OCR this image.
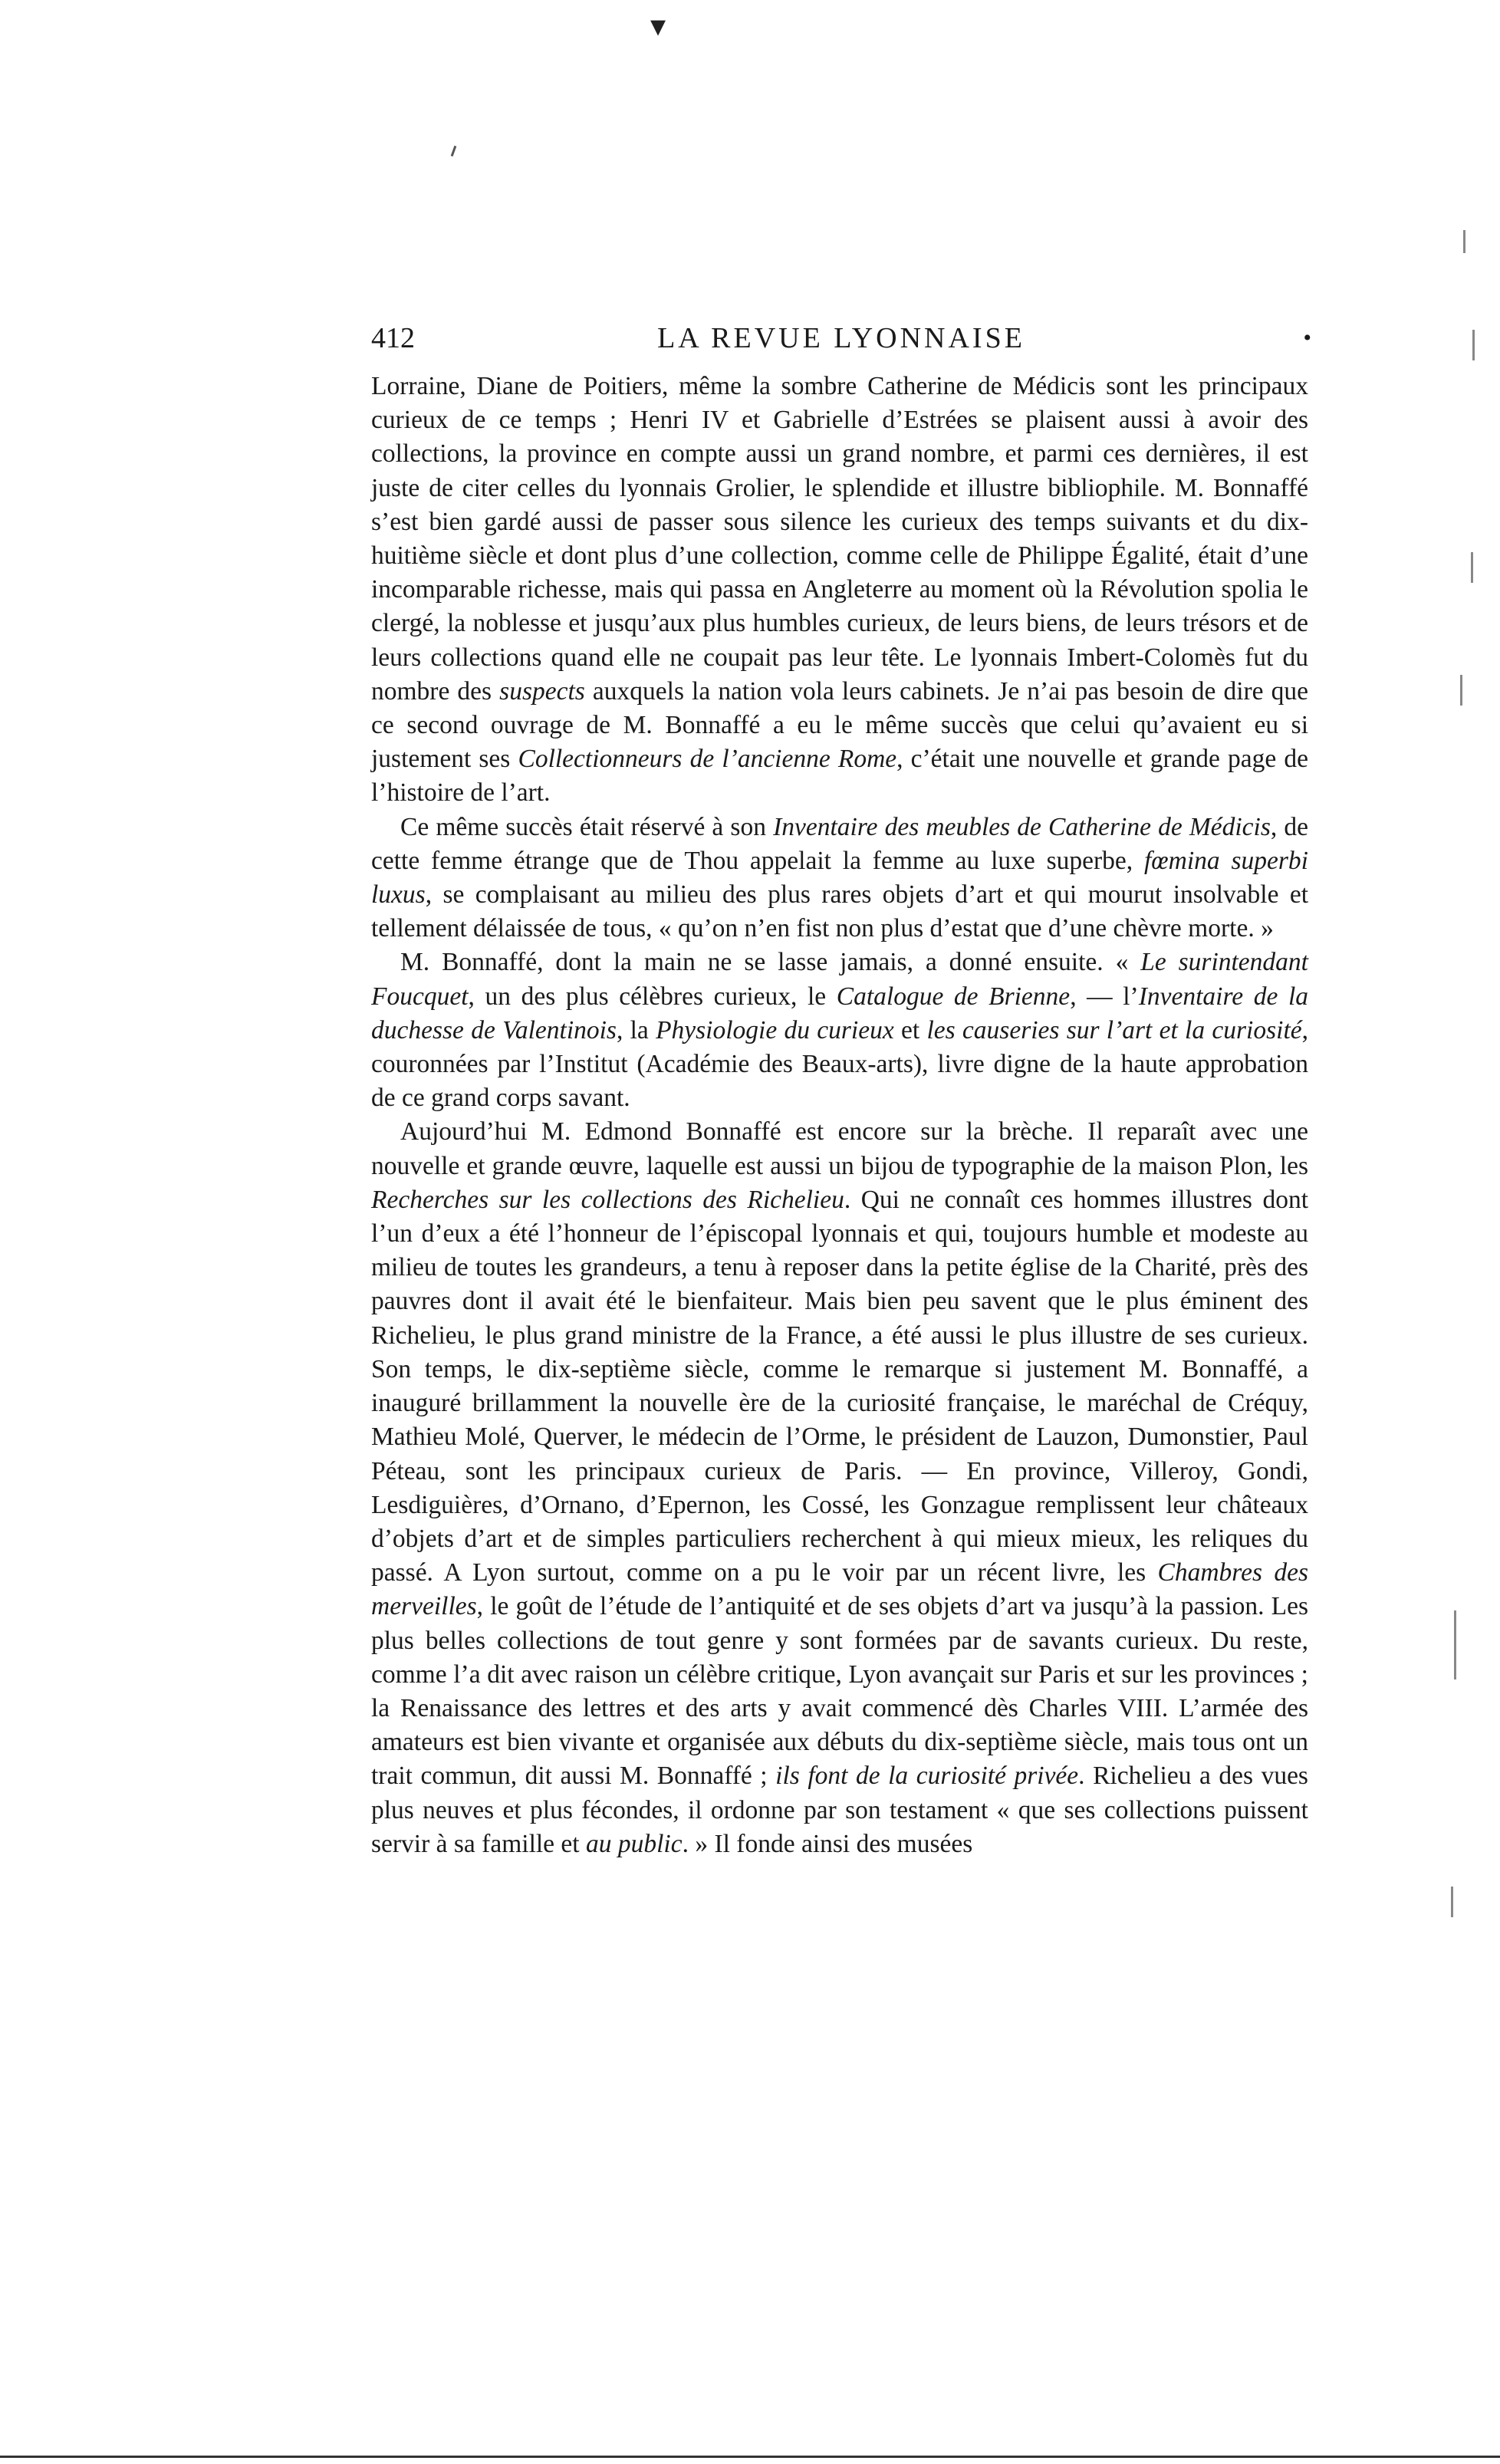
▾
412	LA REVUE LYONNAISE	•

Lorraine, Diane de Poitiers, même la sombre Catherine de Médicis sont les principaux curieux de ce temps ; Henri IV et Gabrielle d’Estrées se plaisent aussi à avoir des collections, la province en compte aussi un grand nombre, et parmi ces dernières, il est juste de citer celles du lyonnais Grolier, le splendide et illustre bibliophile. M. Bonnaffé s’est bien gardé aussi de passer sous silence les curieux des temps suivants et du dix-huitième siècle et dont plus d’une collection, comme celle de Philippe Égalité, était d’une incomparable richesse, mais qui passa en Angleterre au moment où la Révolution spolia le clergé, la noblesse et jusqu’aux plus humbles curieux, de leurs biens, de leurs trésors et de leurs collections quand elle ne coupait pas leur tête. Le lyonnais Imbert-Colomès fut du nombre des suspects auxquels la nation vola leurs cabinets. Je n’ai pas besoin de dire que ce second ouvrage de M. Bonnaffé a eu le même succès que celui qu’avaient eu si justement ses Collectionneurs de l’ancienne Rome, c’était une nouvelle et grande page de l’histoire de l’art.

Ce même succès était réservé à son Inventaire des meubles de Catherine de Médicis, de cette femme étrange que de Thou appelait la femme au luxe superbe, fœmina superbi luxus, se complaisant au milieu des plus rares objets d’art et qui mourut insolvable et tellement délaissée de tous, « qu’on n’en fist non plus d’estat que d’une chèvre morte. »

M. Bonnaffé, dont la main ne se lasse jamais, a donné ensuite. « Le surintendant Foucquet, un des plus célèbres curieux, le Catalogue de Brienne, — l’Inventaire de la duchesse de Valentinois, la Physiologie du curieux et les causeries sur l’art et la curiosité, couronnées par l’Institut (Académie des Beaux-arts), livre digne de la haute approbation de ce grand corps savant.

Aujourd’hui M. Edmond Bonnaffé est encore sur la brèche. Il reparaît avec une nouvelle et grande œuvre, laquelle est aussi un bijou de typographie de la maison Plon, les Recherches sur les collections des Richelieu. Qui ne connaît ces hommes illustres dont l’un d’eux a été l’honneur de l’épiscopal lyonnais et qui, toujours humble et modeste au milieu de toutes les grandeurs, a tenu à reposer dans la petite église de la Charité, près des pauvres dont il avait été le bienfaiteur. Mais bien peu savent que le plus éminent des Richelieu, le plus grand ministre de la France, a été aussi le plus illustre de ses curieux. Son temps, le dix-septième siècle, comme le remarque si justement M. Bonnaffé, a inauguré brillamment la nouvelle ère de la curiosité française, le maréchal de Créquy, Mathieu Molé, Querver, le médecin de l’Orme, le président de Lauzon, Dumonstier, Paul Péteau, sont les principaux curieux de Paris. — En province, Villeroy, Gondi, Lesdiguières, d’Ornano, d’Epernon, les Cossé, les Gonzague remplissent leur châteaux d’objets d’art et de simples particuliers recherchent à qui mieux mieux, les reliques du passé. A Lyon surtout, comme on a pu le voir par un récent livre, les Chambres des merveilles, le goût de l’étude de l’antiquité et de ses objets d’art va jusqu’à la passion. Les plus belles collections de tout genre y sont formées par de savants curieux. Du reste, comme l’a dit avec raison un célèbre critique, Lyon avançait sur Paris et sur les provinces ; la Renaissance des lettres et des arts y avait commencé dès Charles VIII. L’armée des amateurs est bien vivante et organisée aux débuts du dix-septième siècle, mais tous ont un trait commun, dit aussi M. Bonnaffé ; ils font de la curiosité privée. Richelieu a des vues plus neuves et plus fécondes, il ordonne par son testament « que ses collections puissent servir à sa famille et au public. » Il fonde ainsi des musées
